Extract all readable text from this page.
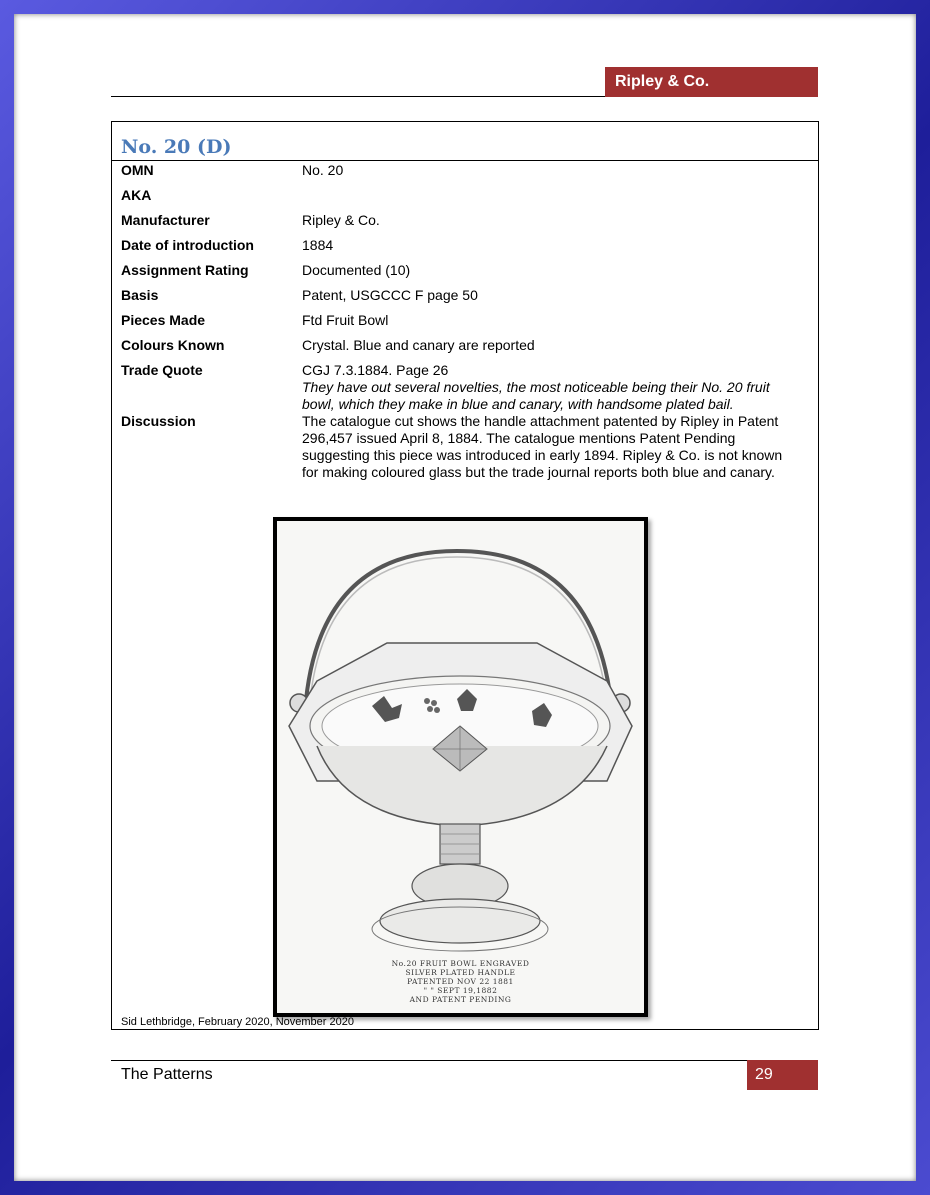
Ripley & Co.
No. 20 (D)
OMN	No. 20
AKA
Manufacturer	Ripley & Co.
Date of introduction	1884
Assignment Rating	Documented (10)
Basis	Patent, USGCCC F page 50
Pieces Made	Ftd Fruit Bowl
Colours Known	Crystal. Blue and canary are reported
Trade Quote	CGJ 7.3.1884. Page 26
They have out several novelties, the most noticeable being their No. 20 fruit bowl, which they make in blue and canary, with handsome plated bail.
Discussion	The catalogue cut shows the handle attachment patented by Ripley in Patent 296,457 issued April 8, 1884. The catalogue mentions Patent Pending suggesting this piece was introduced in early 1894. Ripley & Co. is not known for making coloured glass but the trade journal reports both blue and canary.
No.20 FRUIT BOWL ENGRAVED
SILVER PLATED HANDLE
PATENTED NOV 22 1881
" " SEPT 19,1882
AND PATENT PENDING
Sid Lethbridge, February 2020, November 2020
The Patterns	29
